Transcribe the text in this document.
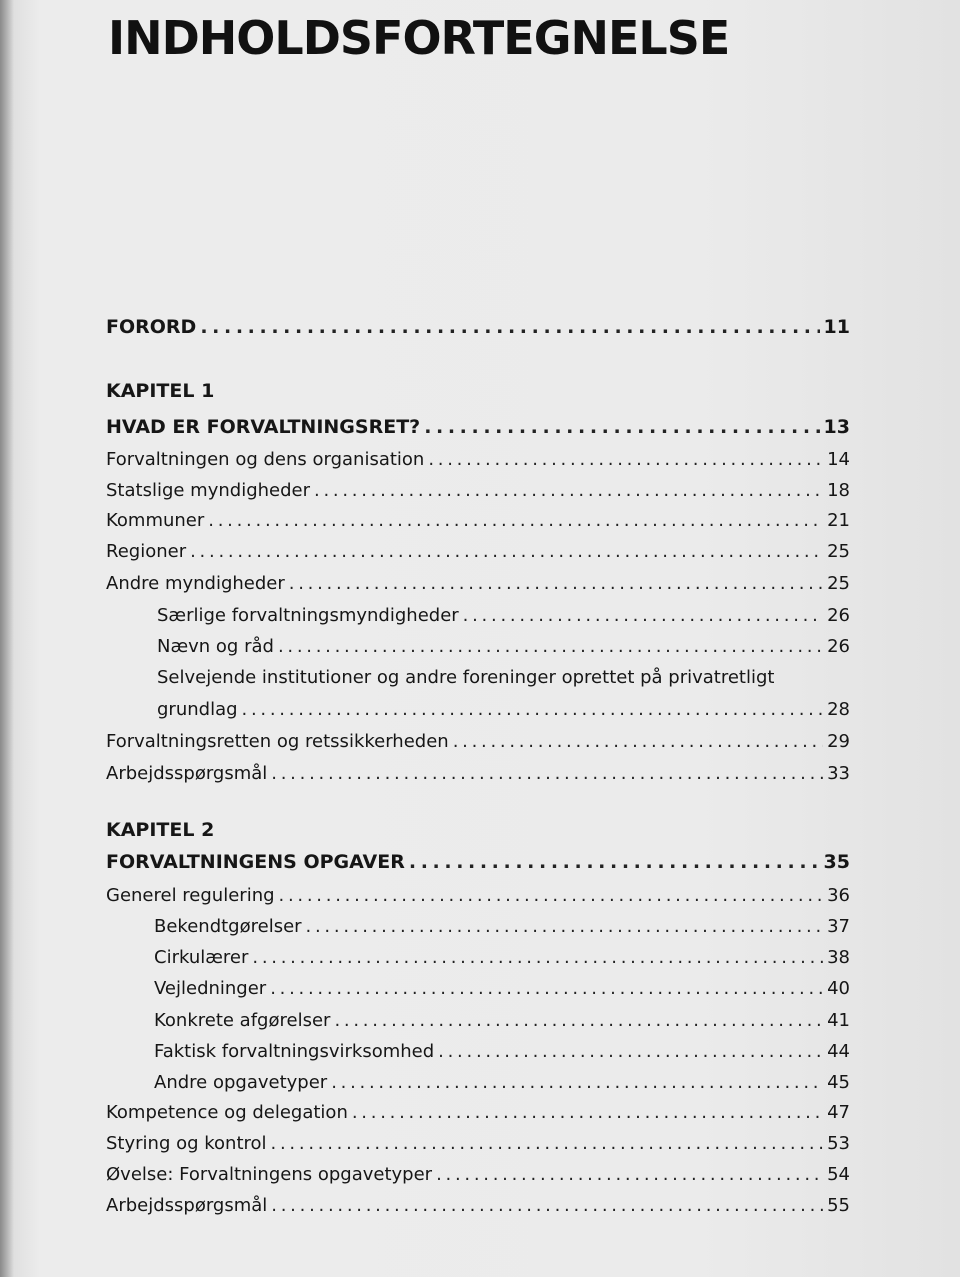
INDHOLDSFORTEGNELSE
FORORD . . .	11
KAPITEL 1
HVAD ER FORVALTNINGSRET? . . .	13
Forvaltningen og dens organisation . . .	14
Statslige myndigheder . . .	18
Kommuner . . .	21
Regioner . . .	25
Andre myndigheder . . .	25
Særlige forvaltningsmyndigheder . . .	26
Nævn og råd . . .	26
Selvejende institutioner og andre foreninger oprettet på privatretligt
grundlag . . .	28
Forvaltningsretten og retssikkerheden . . .	29
Arbejdsspørgsmål . . .	33
KAPITEL 2
FORVALTNINGENS OPGAVER . . .	35
Generel regulering . . .	36
Bekendtgørelser . . .	37
Cirkulærer . . .	38
Vejledninger . . .	40
Konkrete afgørelser . . .	41
Faktisk forvaltningsvirksomhed . . .	44
Andre opgavetyper . . .	45
Kompetence og delegation . . .	47
Styring og kontrol . . .	53
Øvelse: Forvaltningens opgavetyper . . .	54
Arbejdsspørgsmål . . .	55
